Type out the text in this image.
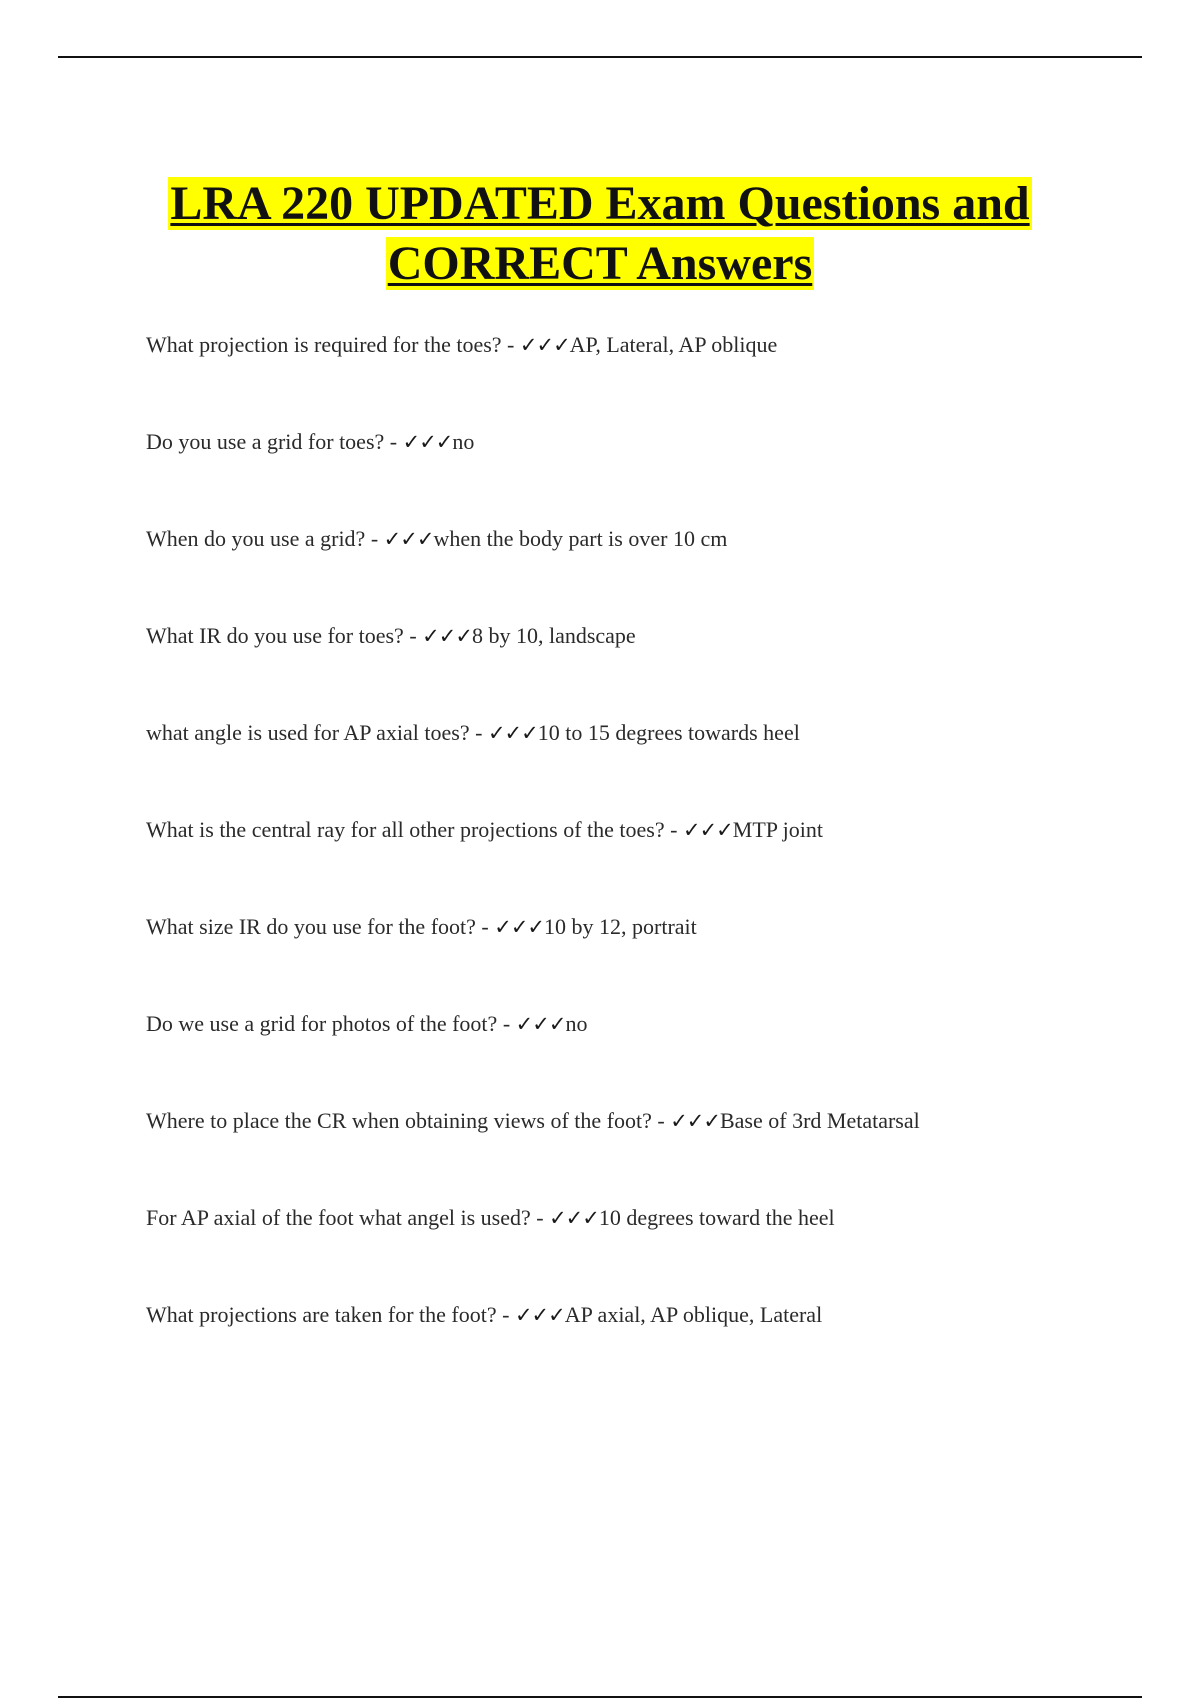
LRA 220 UPDATED Exam Questions and
CORRECT Answers
What projection is required for the toes? - ✓✓✓AP, Lateral, AP oblique
Do you use a grid for toes? - ✓✓✓no
When do you use a grid? - ✓✓✓when the body part is over 10 cm
What IR do you use for toes? - ✓✓✓8 by 10, landscape
what angle is used for AP axial toes? - ✓✓✓10 to 15 degrees towards heel
What is the central ray for all other projections of the toes? - ✓✓✓MTP joint
What size IR do you use for the foot? - ✓✓✓10 by 12, portrait
Do we use a grid for photos of the foot? - ✓✓✓no
Where to place the CR when obtaining views of the foot? - ✓✓✓Base of 3rd Metatarsal
For AP axial of the foot what angel is used? - ✓✓✓10 degrees toward the heel
What projections are taken for the foot? - ✓✓✓AP axial, AP oblique, Lateral
